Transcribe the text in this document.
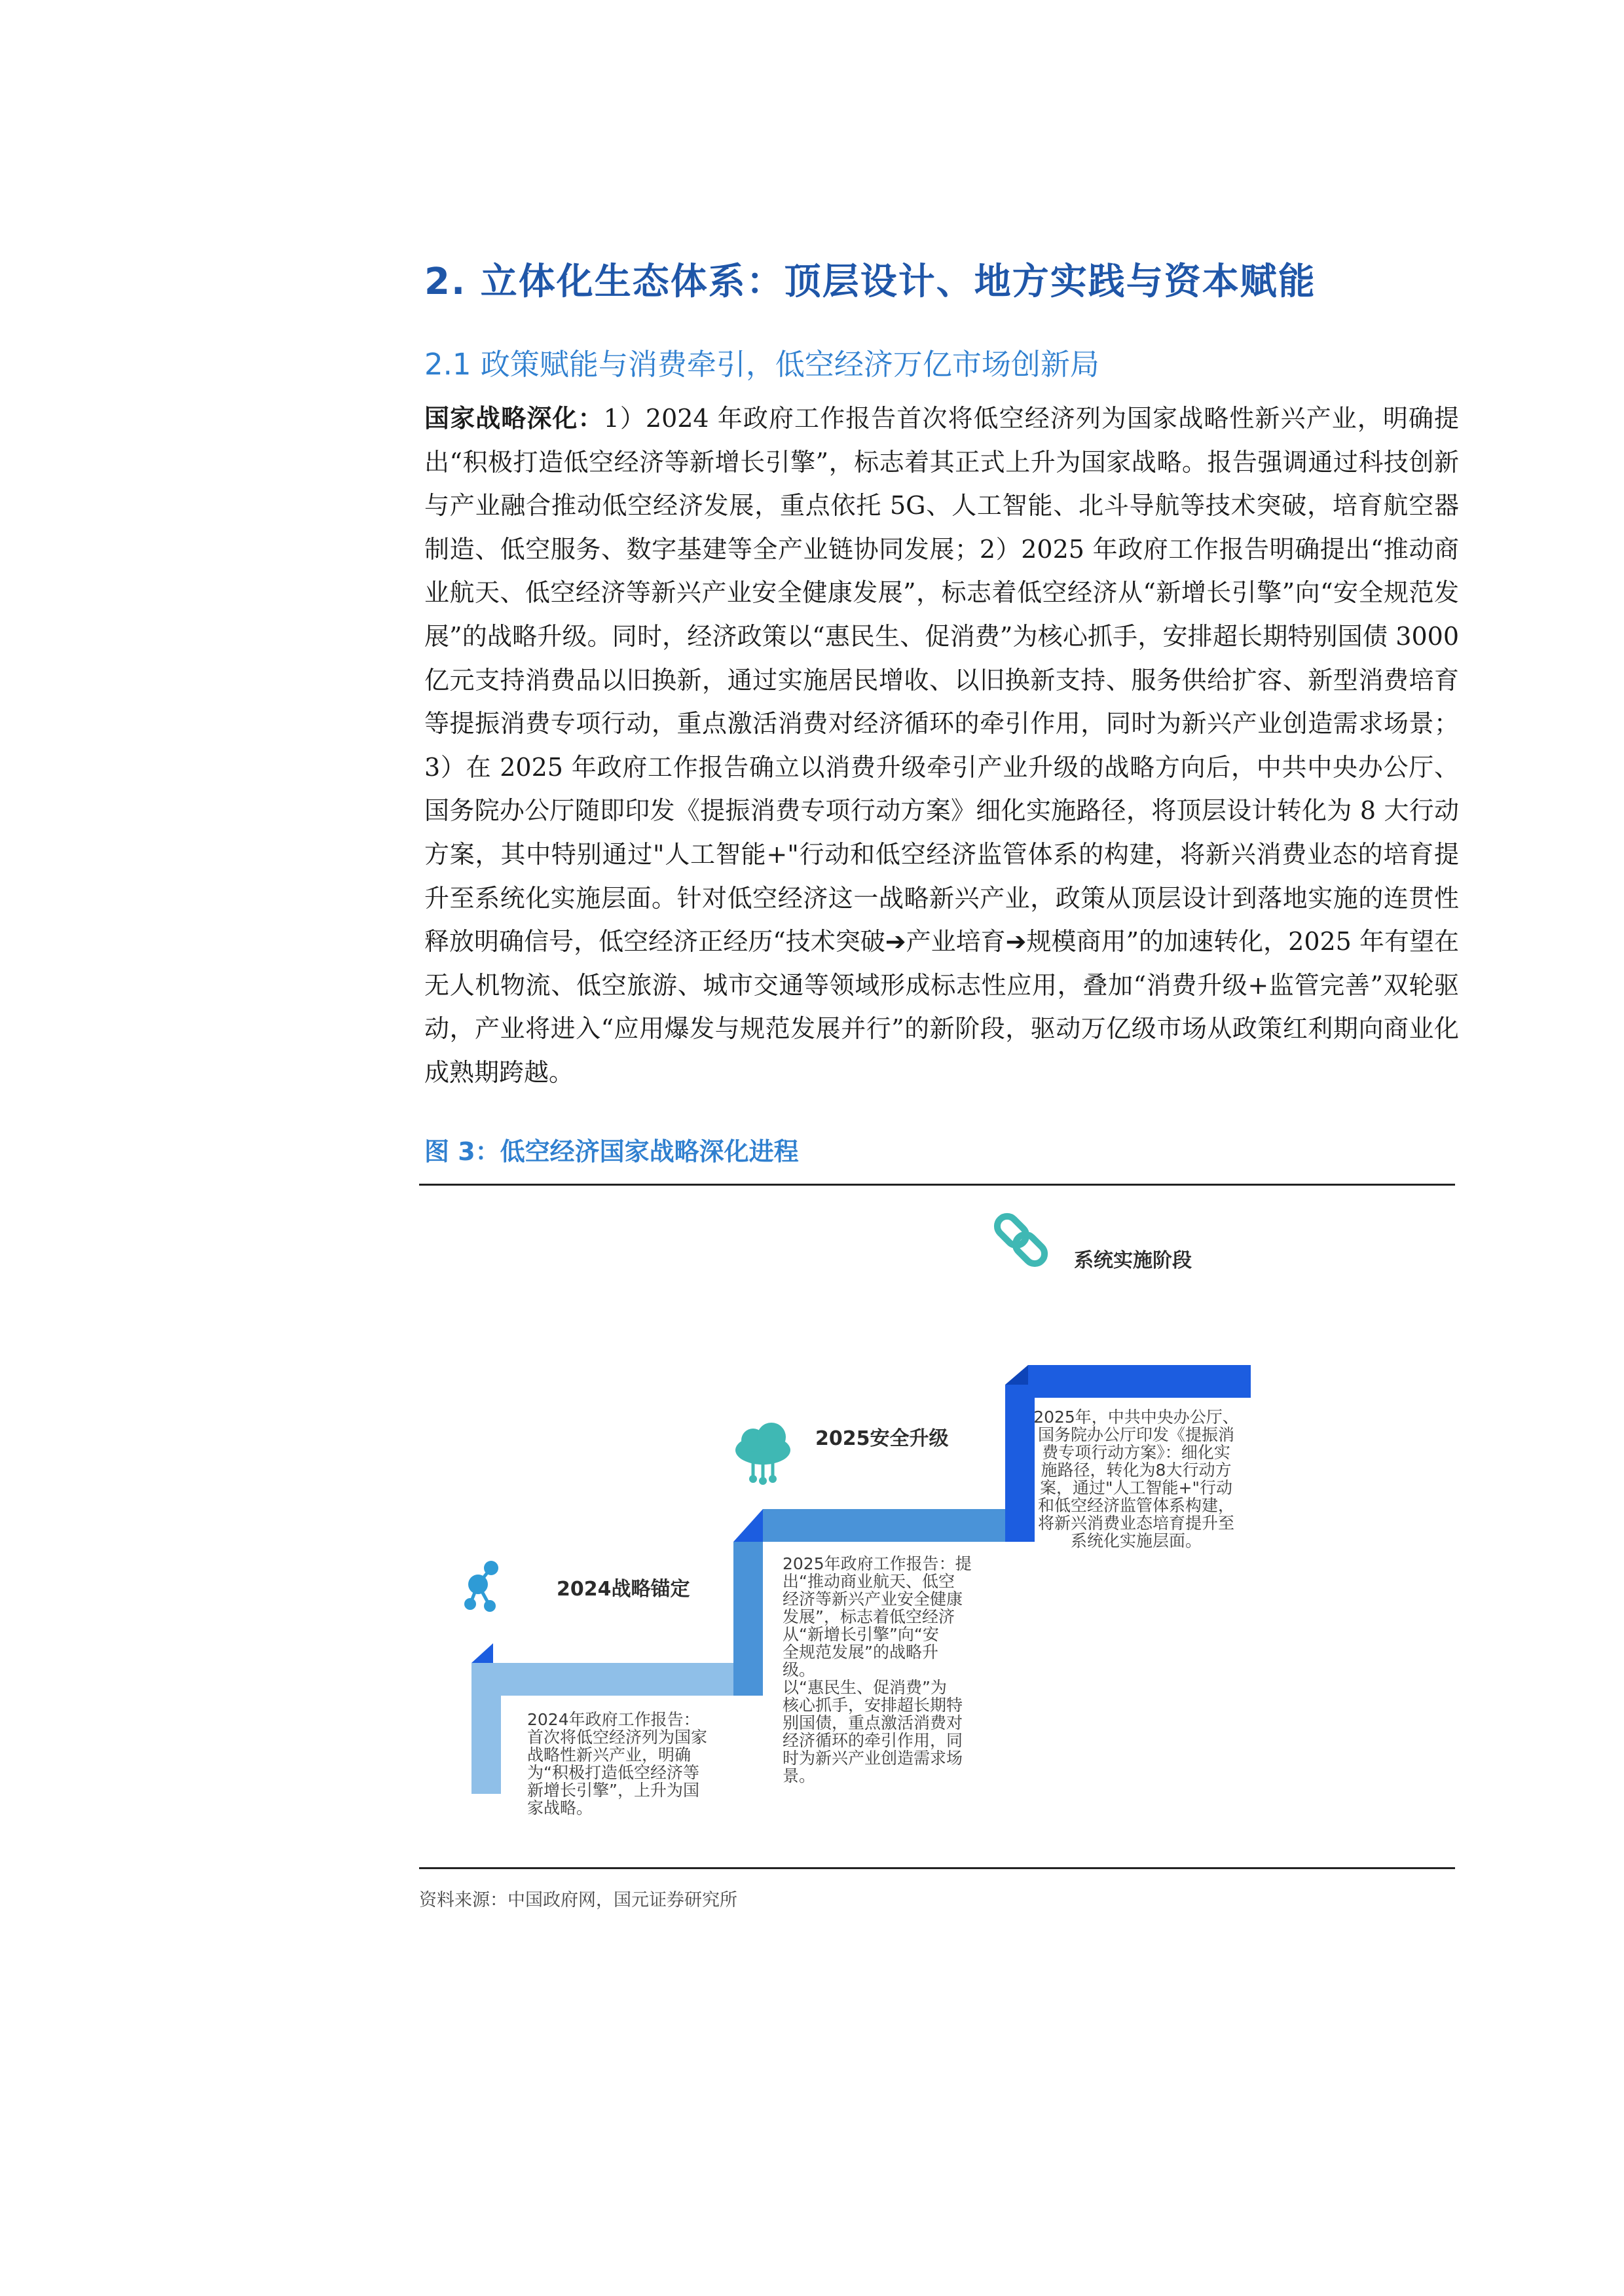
2. 立体化生态体系：顶层设计、地方实践与资本赋能
2.1 政策赋能与消费牵引，低空经济万亿市场创新局
国家战略深化：1）2024 年政府工作报告首次将低空经济列为国家战略性新兴产业，明确提出“积极打造低空经济等新增长引擎”，标志着其正式上升为国家战略。报告强调通过科技创新与产业融合推动低空经济发展，重点依托 5G、人工智能、北斗导航等技术突破，培育航空器制造、低空服务、数字基建等全产业链协同发展；2）2025 年政府工作报告明确提出“推动商业航天、低空经济等新兴产业安全健康发展”，标志着低空经济从“新增长引擎”向“安全规范发展”的战略升级。同时，经济政策以“惠民生、促消费”为核心抓手，安排超长期特别国债 3000 亿元支持消费品以旧换新，通过实施居民增收、以旧换新支持、服务供给扩容、新型消费培育等提振消费专项行动，重点激活消费对经济循环的牵引作用，同时为新兴产业创造需求场景；3）在 2025 年政府工作报告确立以消费升级牵引产业升级的战略方向后，中共中央办公厅、国务院办公厅随即印发《提振消费专项行动方案》细化实施路径，将顶层设计转化为 8 大行动方案，其中特别通过"人工智能+"行动和低空经济监管体系的构建，将新兴消费业态的培育提升至系统化实施层面。针对低空经济这一战略新兴产业，政策从顶层设计到落地实施的连贯性释放明确信号，低空经济正经历“技术突破➔产业培育➔规模商用”的加速转化，2025 年有望在无人机物流、低空旅游、城市交通等领域形成标志性应用，叠加“消费升级+监管完善”双轮驱动，产业将进入“应用爆发与规范发展并行”的新阶段，驱动万亿级市场从政策红利期向商业化成熟期跨越。
图 3：低空经济国家战略深化进程
2024战略锚定
2025安全升级
系统实施阶段
2024年政府工作报告：
首次将低空经济列为国家
战略性新兴产业，明确
为“积极打造低空经济等
新增长引擎”，上升为国
家战略。
2025年政府工作报告：提
出“推动商业航天、低空
经济等新兴产业安全健康
发展”，标志着低空经济
从“新增长引擎”向“安
全规范发展”的战略升
级。
以“惠民生、促消费”为
核心抓手，安排超长期特
别国债，重点激活消费对
经济循环的牵引作用，同
时为新兴产业创造需求场
景。
2025年，中共中央办公厅、
国务院办公厅印发《提振消
费专项行动方案》：细化实
施路径，转化为8大行动方
案，通过"人工智能+"行动
和低空经济监管体系构建，
将新兴消费业态培育提升至
系统化实施层面。
资料来源：中国政府网，国元证券研究所
